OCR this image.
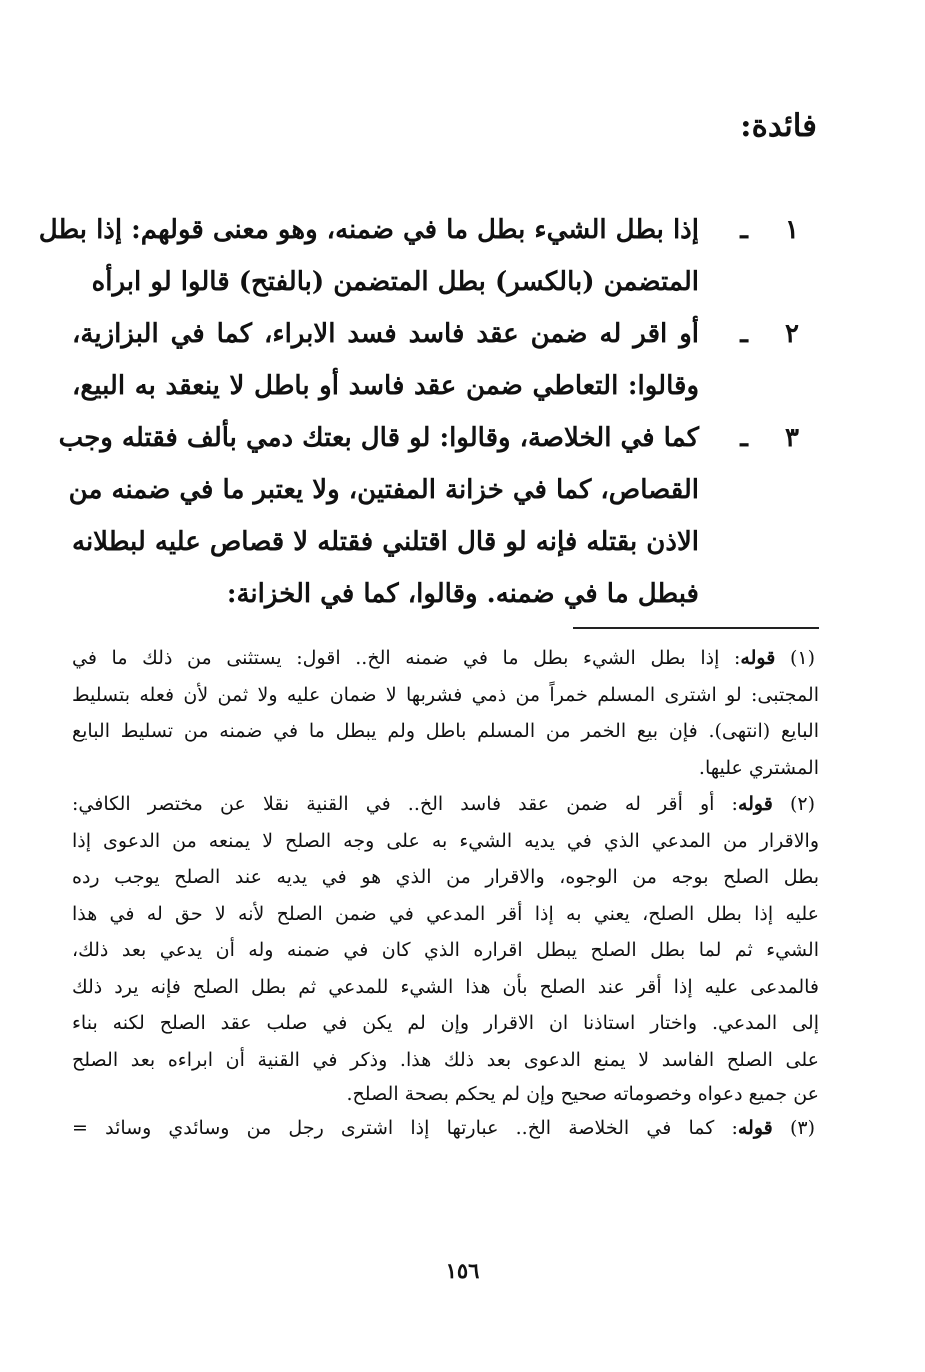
فائدة:
١
ـ
إذا بطل الشيء بطل ما في ضمنه، وهو معنى قولهم: إذا بطل
المتضمن (بالكسر) بطل المتضمن (بالفتح) قالوا لو ابرأه
٢
ـ
أو اقر له ضمن عقد فاسد فسد الابراء، كما في البزازية،
وقالوا: التعاطي ضمن عقد فاسد أو باطل لا ينعقد به البيع،
٣
ـ
كما في الخلاصة، وقالوا: لو قال بعتك دمي بألف فقتله وجب
القصاص، كما في خزانة المفتين، ولا يعتبر ما في ضمنه من
الاذن بقتله فإنه لو قال اقتلني فقتله لا قصاص عليه لبطلانه
فبطل ما في ضمنه. وقالوا، كما في الخزانة:
(١) قوله: إذا بطل الشيء بطل ما في ضمنه الخ.. اقول: يستثنى من ذلك ما في
المجتبى: لو اشترى المسلم خمراً من ذمي فشربها لا ضمان عليه ولا ثمن لأن فعله بتسليط
البايع (انتهى). فإن بيع الخمر من المسلم باطل ولم يبطل ما في ضمنه من تسليط البايع
المشتري عليها.
(٢) قوله: أو أقر له ضمن عقد فاسد الخ.. في القنية نقلا عن مختصر الكافي:
والاقرار من المدعي الذي في يديه الشيء به على وجه الصلح لا يمنعه من الدعوى إذا
بطل الصلح بوجه من الوجوه، والاقرار من الذي هو في يديه عند الصلح يوجب رده
عليه إذا بطل الصلح، يعني به إذا أقر المدعي في ضمن الصلح لأنه لا حق له في هذا
الشيء ثم لما بطل الصلح يبطل اقراره الذي كان في ضمنه وله أن يدعي بعد ذلك،
فالمدعى عليه إذا أقر عند الصلح بأن هذا الشيء للمدعي ثم بطل الصلح فإنه يرد ذلك
إلى المدعي. واختار استاذنا ان الاقرار وإن لم يكن في صلب عقد الصلح لكنه بناء
على الصلح الفاسد لا يمنع الدعوى بعد ذلك هذا. وذكر في القنية أن ابراءه بعد الصلح
عن جميع دعواه وخصوماته صحيح وإن لم يحكم بصحة الصلح.
(٣) قوله: كما في الخلاصة الخ.. عبارتها إذا اشترى رجل من وسائدي وسائد =
١٥٦
